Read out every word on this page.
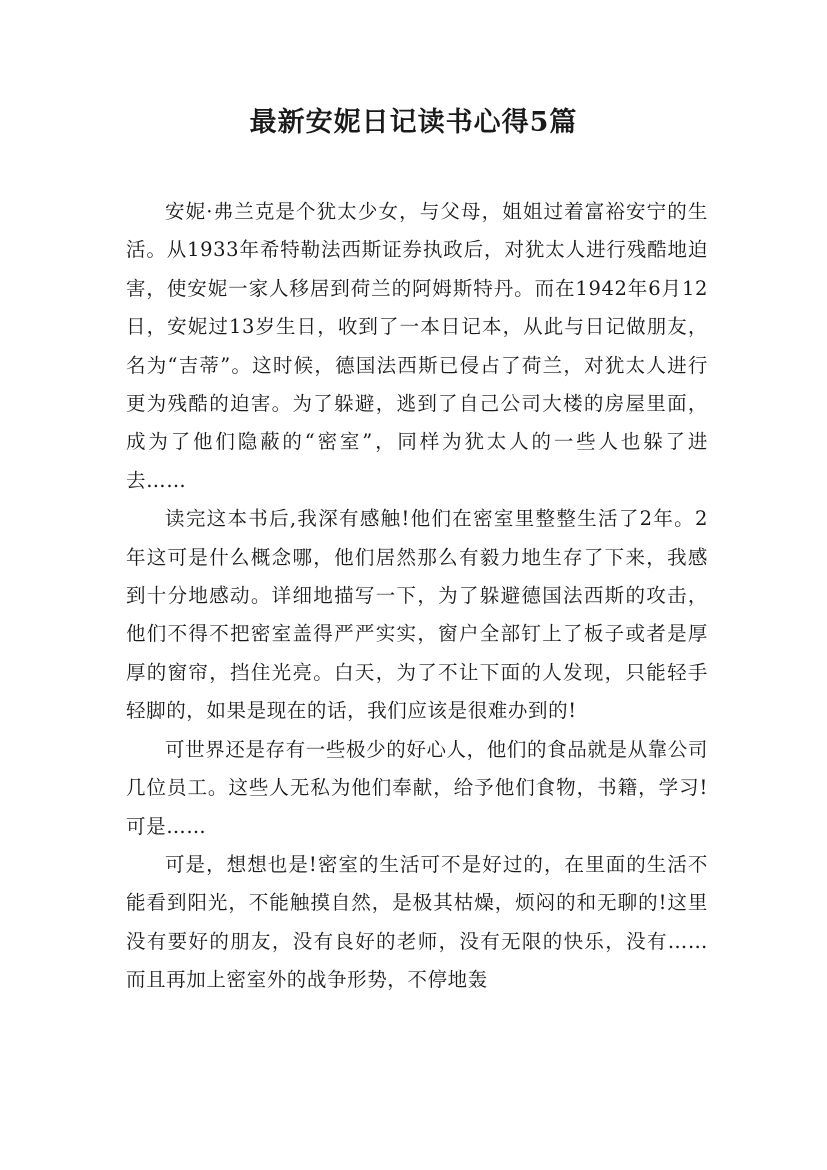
最新安妮日记读书心得5篇

安妮·弗兰克是个犹太少女，与父母，姐姐过着富裕安宁的生活。从1933年希特勒法西斯证券执政后，对犹太人进行残酷地迫害，使安妮一家人移居到荷兰的阿姆斯特丹。而在1942年6月12日，安妮过13岁生日，收到了一本日记本，从此与日记做朋友，名为“吉蒂”。这时候，德国法西斯已侵占了荷兰，对犹太人进行更为残酷的迫害。为了躲避，逃到了自己公司大楼的房屋里面，成为了他们隐蔽的“密室”，同样为犹太人的一些人也躲了进去……

读完这本书后,我深有感触!他们在密室里整整生活了2年。2年这可是什么概念哪，他们居然那么有毅力地生存了下来，我感到十分地感动。详细地描写一下，为了躲避德国法西斯的攻击，他们不得不把密室盖得严严实实，窗户全部钉上了板子或者是厚厚的窗帘，挡住光亮。白天，为了不让下面的人发现，只能轻手轻脚的，如果是现在的话，我们应该是很难办到的!

可世界还是存有一些极少的好心人，他们的食品就是从靠公司几位员工。这些人无私为他们奉献，给予他们食物，书籍，学习!可是……

可是，想想也是!密室的生活可不是好过的，在里面的生活不能看到阳光，不能触摸自然，是极其枯燥，烦闷的和无聊的!这里没有要好的朋友，没有良好的老师，没有无限的快乐，没有……而且再加上密室外的战争形势，不停地轰
